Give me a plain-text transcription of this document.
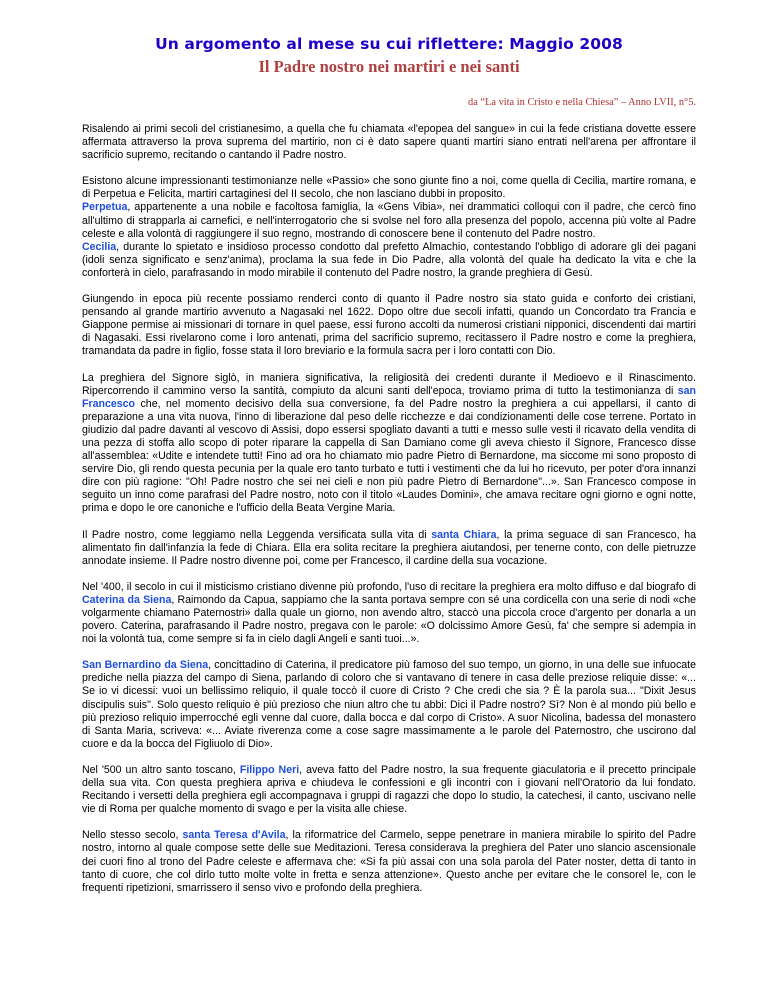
Un argomento al mese su cui riflettere: Maggio 2008
Il Padre nostro nei martiri e nei santi
da “La vita in Cristo e nella Chiesa” – Anno LVII, n°5.

Risalendo ai primi secoli del cristianesimo, a quella che fu chiamata «l'epopea del sangue» in cui la fede cristiana dovette essere affermata attraverso la prova suprema del martirio, non ci è dato sapere quanti martiri siano entrati nell'arena per affrontare il sacrificio supremo, recitando o cantando il Padre nostro.

Esistono alcune impressionanti testimonianze nelle «Passio» che sono giunte fino a noi, come quella di Cecilia, martire romana, e di Perpetua e Felicita, martiri cartaginesi del II secolo, che non lasciano dubbi in proposito.

Perpetua, appartenente a una nobile e facoltosa famiglia, la «Gens Vibia», nei drammatici colloqui con il padre, che cercò fino all'ultimo di strapparla ai carnefici, e nell'interrogatorio che si svolse nel foro alla presenza del popolo, accenna più volte al Padre celeste e alla volontà di raggiungere il suo regno, mostrando di conoscere bene il contenuto del Padre nostro.

Cecilia, durante lo spietato e insidioso processo condotto dal prefetto Almachio, contestando l'obbligo di adorare gli dei pagani (idoli senza significato e senz'anima), proclama la sua fede in Dio Padre, alla volontà del quale ha dedicato la vita e che la conforterà in cielo, parafrasando in modo mirabile il contenuto del Padre nostro, la grande preghiera di Gesù.

Giungendo in epoca più recente possiamo renderci conto di quanto il Padre nostro sia stato guida e conforto dei cristiani, pensando al grande martirio avvenuto a Nagasaki nel 1622. Dopo oltre due secoli infatti, quando un Concordato tra Francia e Giappone permise ai missionari di tornare in quel paese, essi furono accolti da numerosi cristiani nipponici, discendenti dai martiri di Nagasaki. Essi rivelarono come i loro antenati, prima del sacrificio supremo, recitassero il Padre nostro e come la preghiera, tramandata da padre in figlio, fosse stata il loro breviario e la formula sacra per i loro contatti con Dio.

La preghiera del Signore siglò, in maniera significativa, la religiosità dei credenti durante il Medioevo e il Rinascimento. Ripercorrendo il cammino verso la santità, compiuto da alcuni santi dell'epoca, troviamo prima di tutto la testimonianza di san Francesco che, nel momento decisivo della sua conversione, fa del Padre nostro la preghiera a cui appellarsi, il canto di preparazione a una vita nuova, l'inno di liberazione dal peso delle ricchezze e dai condizionamenti delle cose terrene. Portato in giudizio dal padre davanti al vescovo di Assisi, dopo essersi spogliato davanti a tutti e messo sulle vesti il ricavato della vendita di una pezza di stoffa allo scopo di poter riparare la cappella di San Damiano come gli aveva chiesto il Signore, Francesco disse all'assemblea: «Udite e intendete tutti! Fino ad ora ho chiamato mio padre Pietro di Bernardone, ma siccome mi sono proposto di servire Dio, gli rendo questa pecunia per la quale ero tanto turbato e tutti i vestimenti che da lui ho ricevuto, per poter d'ora innanzi dire con più ragione: "Oh! Padre nostro che sei nei cieli e non più padre Pietro di Bernardone"...». San Francesco compose in seguito un inno come parafrasi del Padre nostro, noto con il titolo «Laudes Domini», che amava recitare ogni giorno e ogni notte, prima e dopo le ore canoniche e l'ufficio della Beata Vergine Maria.

Il Padre nostro, come leggiamo nella Leggenda versificata sulla vita di santa Chiara, la prima seguace di san Francesco, ha alimentato fin dall'infanzia la fede di Chiara. Ella era solita recitare la preghiera aiutandosi, per tenerne conto, con delle pietruzze annodate insieme. Il Padre nostro divenne poi, come per Francesco, il cardine della sua vocazione.

Nel '400, il secolo in cui il misticismo cristiano divenne più profondo, l'uso di recitare la preghiera era molto diffuso e dal biografo di Caterina da Siena, Raimondo da Capua, sappiamo che la santa portava sempre con sé una cordicella con una serie di nodi «che volgarmente chiamano Paternostri» dalla quale un giorno, non avendo altro, staccò una piccola croce d'argento per donarla a un povero. Caterina, parafrasando il Padre nostro, pregava con le parole: «O dolcissimo Amore Gesù, fa' che sempre si adempia in noi la volontà tua, come sempre si fa in cielo dagli Angeli e santi tuoi...».

San Bernardino da Siena, concittadino di Caterina, il predicatore più famoso del suo tempo, un giorno, in una delle sue infuocate prediche nella piazza del campo di Siena, parlando di coloro che si vantavano di tenere in casa delle preziose reliquie disse: «... Se io vi dicessi: vuoi un bellissimo reliquio, il quale toccò il cuore di Cristo ? Che credi che sia ? È la parola sua... "Dixit Jesus discipulis suis". Solo questo reliquio è più prezioso che niun altro che tu abbi: Dici il Padre nostro? Sì? Non è al mondo più bello e più prezioso reliquio imperrocché egli venne dal cuore, dalla bocca e dal corpo di Cristo». A suor Nicolina, badessa del monastero di Santa Maria, scriveva: «... Aviate riverenza come a cose sagre massimamente a le parole del Paternostro, che uscirono dal cuore e da la bocca del Figliuolo di Dio».

Nel '500 un altro santo toscano, Filippo Neri, aveva fatto del Padre nostro, la sua frequente giaculatoria e il precetto principale della sua vita. Con questa preghiera apriva e chiudeva le confessioni e gli incontri con i giovani nell'Oratorio da lui fondato. Recitando i versetti della preghiera egli accompagnava i gruppi di ragazzi che dopo lo studio, la catechesi, il canto, uscivano nelle vie di Roma per qualche momento di svago e per la visita alle chiese.

Nello stesso secolo, santa Teresa d'Avila, la riformatrice del Carmelo, seppe penetrare in maniera mirabile lo spirito del Padre nostro, intorno al quale compose sette delle sue Meditazioni. Teresa considerava la preghiera del Pater uno slancio ascensionale dei cuori fino al trono del Padre celeste e affermava che: «Si fa più assai con una sola parola del Pater noster, detta di tanto in tanto di cuore, che col dirlo tutto molte volte in fretta e senza attenzione». Questo anche per evitare che le consorel le, con le frequenti ripetizioni, smarrissero il senso vivo e profondo della preghiera.
